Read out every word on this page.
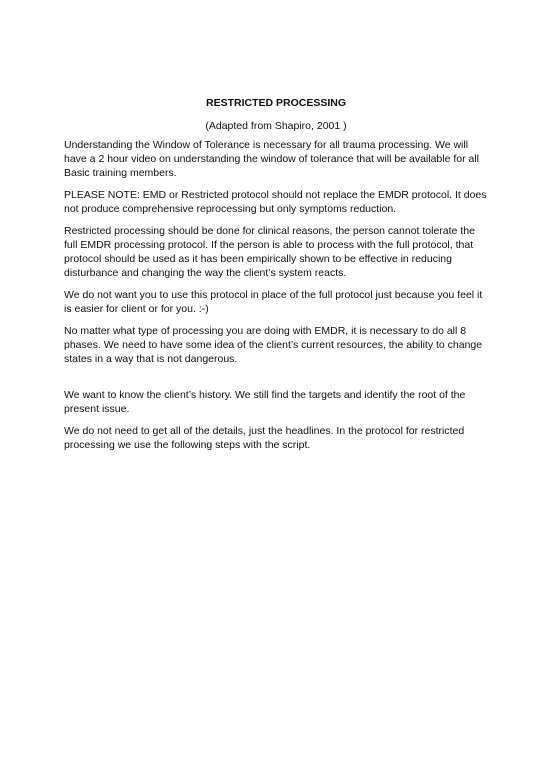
RESTRICTED PROCESSING
(Adapted from Shapiro, 2001 )

Understanding the Window of Tolerance is necessary for all trauma processing. We will have a 2 hour video on understanding the window of tolerance that will be available for all Basic training members.

PLEASE NOTE: EMD or Restricted protocol should not replace the EMDR protocol. It does not produce comprehensive reprocessing but only symptoms reduction.

Restricted processing should be done for clinical reasons, the person cannot tolerate the full EMDR processing protocol. If the person is able to process with the full protocol, that protocol should be used as it has been empirically shown to be effective in reducing disturbance and changing the way the client’s system reacts.

We do not want you to use this protocol in place of the full protocol just because you feel it is easier for client or for you. :-)

No matter what type of processing you are doing with EMDR, it is necessary to do all 8 phases. We need to have some idea of the client’s current resources, the ability to change states in a way that is not dangerous.

We want to know the client’s history. We still find the targets and identify the root of the present issue.

We do not need to get all of the details, just the headlines. In the protocol for restricted processing we use the following steps with the script.
